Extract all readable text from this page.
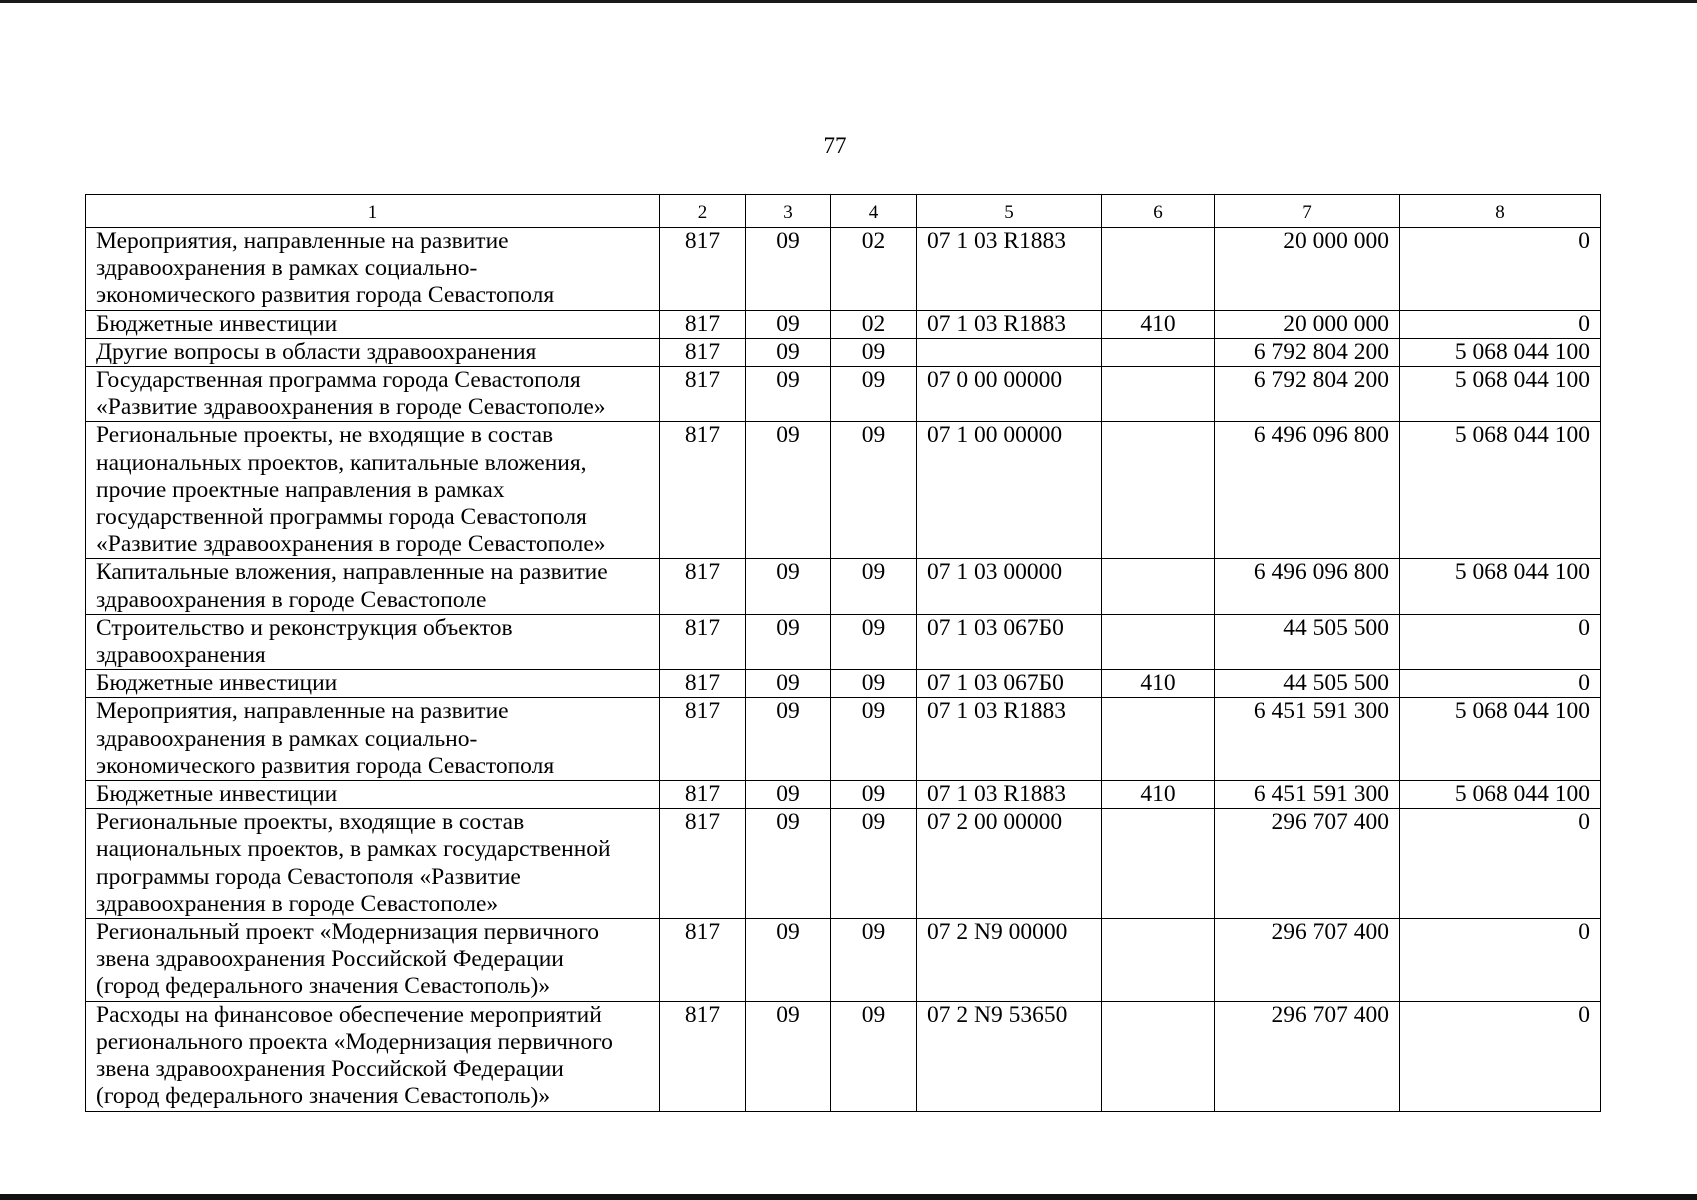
77
1	2	3	4	5	6	7	8

Мероприятия, направленные на развитие
здравоохранения в рамках социально-
экономического развития города Севастополя	817	09	02	07 1 03 R1883		20 000 000	0

Бюджетные инвестиции	817	09	02	07 1 03 R1883	410	20 000 000	0

Другие вопросы в области здравоохранения	817	09	09			6 792 804 200	5 068 044 100

Государственная программа города Севастополя
«Развитие здравоохранения в городе Севастополе»	817	09	09	07 0 00 00000		6 792 804 200	5 068 044 100

Региональные проекты, не входящие в состав
национальных проектов, капитальные вложения,
прочие проектные направления в рамках
государственной программы города Севастополя
«Развитие здравоохранения в городе Севастополе»	817	09	09	07 1 00 00000		6 496 096 800	5 068 044 100

Капитальные вложения, направленные на развитие
здравоохранения в городе Севастополе	817	09	09	07 1 03 00000		6 496 096 800	5 068 044 100

Строительство и реконструкция объектов
здравоохранения	817	09	09	07 1 03 067Б0		44 505 500	0

Бюджетные инвестиции	817	09	09	07 1 03 067Б0	410	44 505 500	0

Мероприятия, направленные на развитие
здравоохранения в рамках социально-
экономического развития города Севастополя	817	09	09	07 1 03 R1883		6 451 591 300	5 068 044 100

Бюджетные инвестиции	817	09	09	07 1 03 R1883	410	6 451 591 300	5 068 044 100

Региональные проекты, входящие в состав
национальных проектов, в рамках государственной
программы города Севастополя «Развитие
здравоохранения в городе Севастополе»	817	09	09	07 2 00 00000		296 707 400	0

Региональный проект «Модернизация первичного
звена здравоохранения Российской Федерации
(город федерального значения Севастополь)»	817	09	09	07 2 N9 00000		296 707 400	0

Расходы на финансовое обеспечение мероприятий
регионального проекта «Модернизация первичного
звена здравоохранения Российской Федерации
(город федерального значения Севастополь)»	817	09	09	07 2 N9 53650		296 707 400	0
